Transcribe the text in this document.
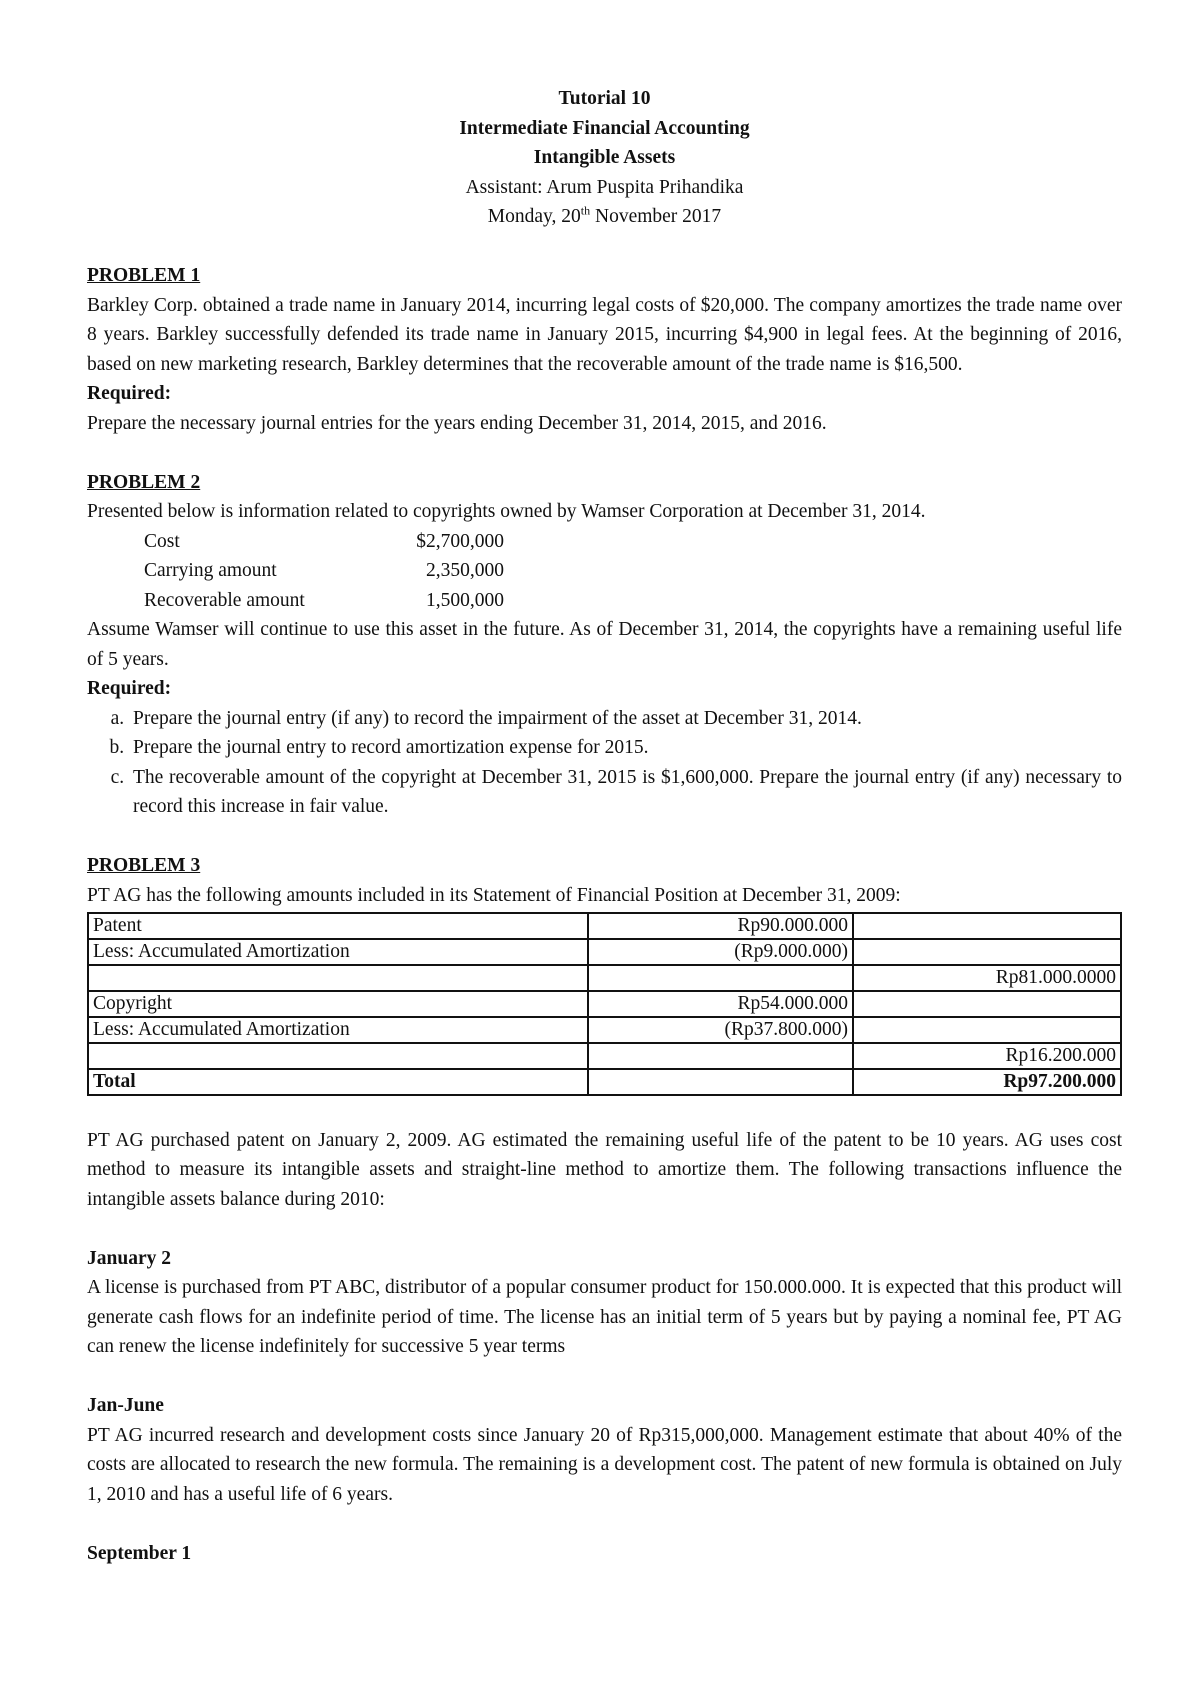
Tutorial 10
Intermediate Financial Accounting
Intangible Assets
Assistant: Arum Puspita Prihandika
Monday, 20th November 2017
PROBLEM 1

Barkley Corp. obtained a trade name in January 2014, incurring legal costs of $20,000. The company amortizes the trade name over 8 years. Barkley successfully defended its trade name in January 2015, incurring $4,900 in legal fees. At the beginning of 2016, based on new marketing research, Barkley determines that the recoverable amount of the trade name is $16,500.

Required:

Prepare the necessary journal entries for the years ending December 31, 2014, 2015, and 2016.

PROBLEM 2

Presented below is information related to copyrights owned by Wamser Corporation at December 31, 2014.

Cost	$2,700,000
Carrying amount	2,350,000
Recoverable amount	1,500,000

Assume Wamser will continue to use this asset in the future. As of December 31, 2014, the copyrights have a remaining useful life of 5 years.

Required:
a. Prepare the journal entry (if any) to record the impairment of the asset at December 31, 2014.
b. Prepare the journal entry to record amortization expense for 2015.
c. The recoverable amount of the copyright at December 31, 2015 is $1,600,000. Prepare the journal entry (if any) necessary to record this increase in fair value.
PROBLEM 3
PT AG has the following amounts included in its Statement of Financial Position at December 31, 2009:
Patent	Rp90.000.000	
Less: Accumulated Amortization	(Rp9.000.000)	
		Rp81.000.0000
Copyright	Rp54.000.000	
Less: Accumulated Amortization	(Rp37.800.000)	
		Rp16.200.000
Total		Rp97.200.000

PT AG purchased patent on January 2, 2009. AG estimated the remaining useful life of the patent to be 10 years. AG uses cost method to measure its intangible assets and straight-line method to amortize them. The following transactions influence the intangible assets balance during 2010:

January 2

A license is purchased from PT ABC, distributor of a popular consumer product for 150.000.000. It is expected that this product will generate cash flows for an indefinite period of time. The license has an initial term of 5 years but by paying a nominal fee, PT AG can renew the license indefinitely for successive 5 year terms

Jan-June

PT AG incurred research and development costs since January 20 of Rp315,000,000. Management estimate that about 40% of the costs are allocated to research the new formula. The remaining is a development cost. The patent of new formula is obtained on July 1, 2010 and has a useful life of 6 years.

September 1
